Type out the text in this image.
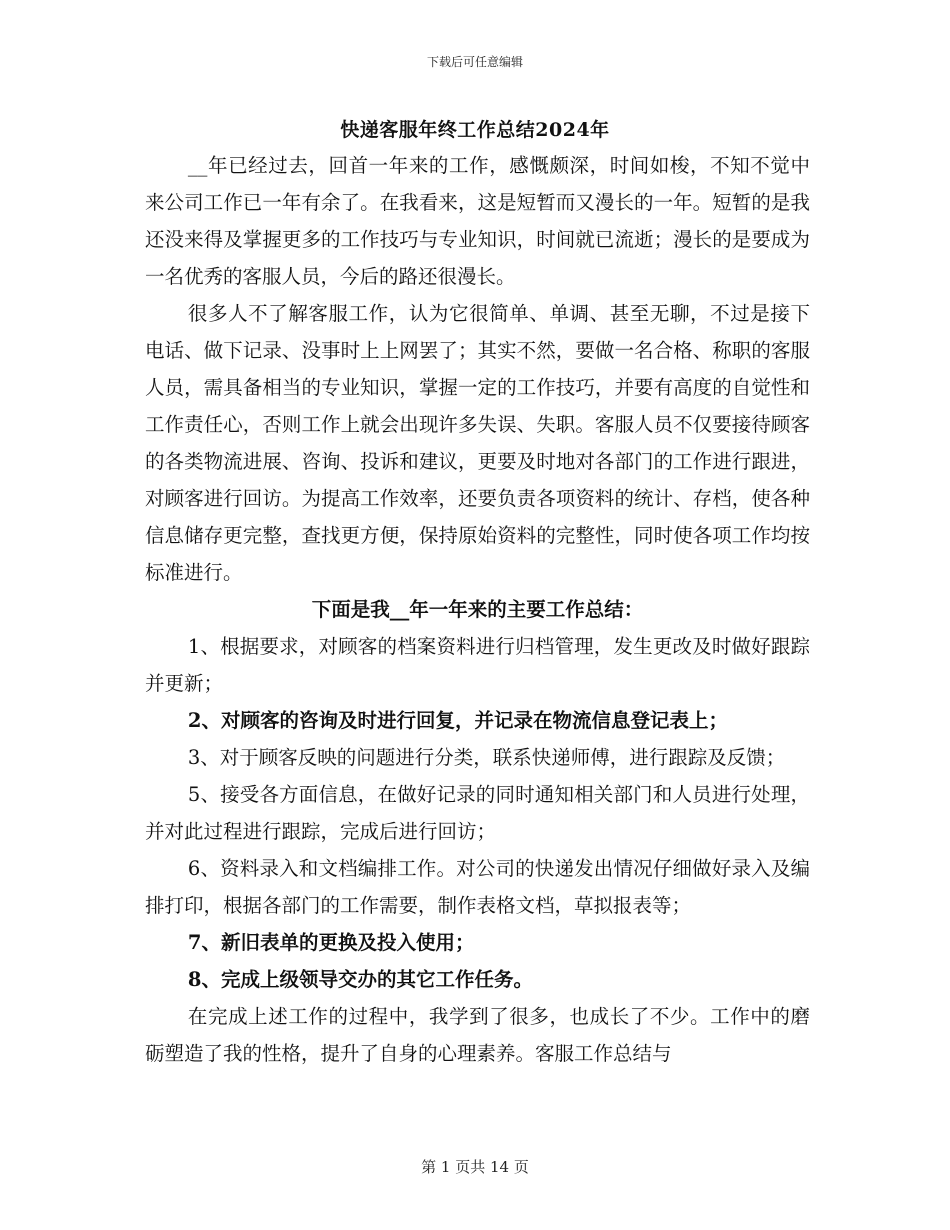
下载后可任意编辑
快递客服年终工作总结2024年

__年已经过去，回首一年来的工作，感慨颇深，时间如梭，不知不觉中来公司工作已一年有余了。在我看来，这是短暂而又漫长的一年。短暂的是我还没来得及掌握更多的工作技巧与专业知识，时间就已流逝；漫长的是要成为一名优秀的客服人员，今后的路还很漫长。

很多人不了解客服工作，认为它很简单、单调、甚至无聊，不过是接下电话、做下记录、没事时上上网罢了；其实不然，要做一名合格、称职的客服人员，需具备相当的专业知识，掌握一定的工作技巧，并要有高度的自觉性和工作责任心，否则工作上就会出现许多失误、失职。客服人员不仅要接待顾客的各类物流进展、咨询、投诉和建议，更要及时地对各部门的工作进行跟进，对顾客进行回访。为提高工作效率，还要负责各项资料的统计、存档，使各种信息储存更完整，查找更方便，保持原始资料的完整性，同时使各项工作均按标准进行。

下面是我__年一年来的主要工作总结：

1、根据要求，对顾客的档案资料进行归档管理，发生更改及时做好跟踪并更新；

2、对顾客的咨询及时进行回复，并记录在物流信息登记表上；

3、对于顾客反映的问题进行分类，联系快递师傅，进行跟踪及反馈；

5、接受各方面信息，在做好记录的同时通知相关部门和人员进行处理，并对此过程进行跟踪，完成后进行回访；

6、资料录入和文档编排工作。对公司的快递发出情况仔细做好录入及编排打印，根据各部门的工作需要，制作表格文档，草拟报表等；

7、新旧表单的更换及投入使用；

8、完成上级领导交办的其它工作任务。

在完成上述工作的过程中，我学到了很多，也成长了不少。工作中的磨砺塑造了我的性格，提升了自身的心理素养。客服工作总结与

第 1 页共 14 页
